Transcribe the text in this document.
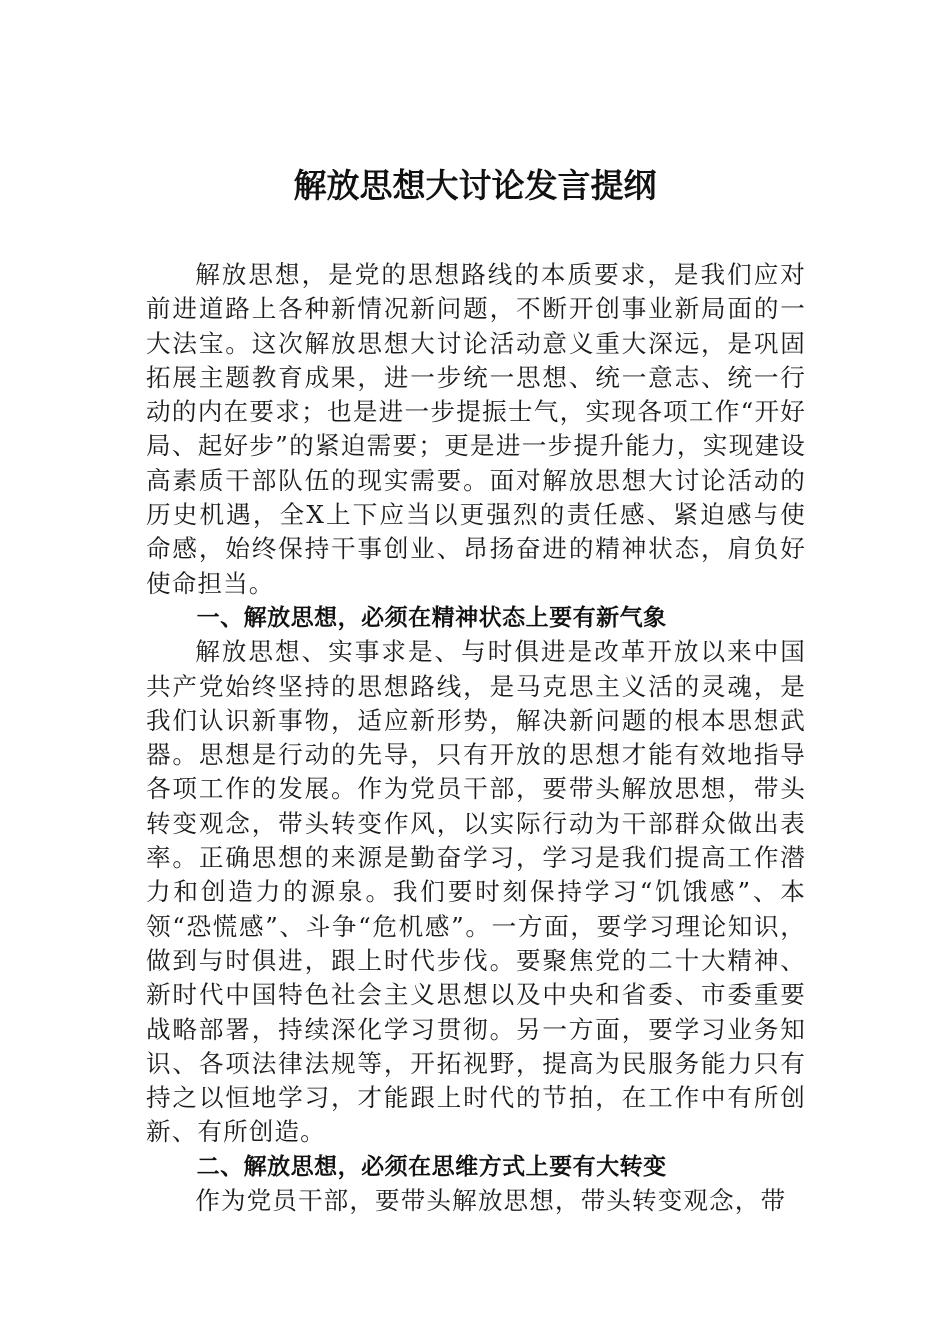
解放思想大讨论发言提纲

解放思想，是党的思想路线的本质要求，是我们应对前进道路上各种新情况新问题，不断开创事业新局面的一大法宝。这次解放思想大讨论活动意义重大深远，是巩固拓展主题教育成果，进一步统一思想、统一意志、统一行动的内在要求；也是进一步提振士气，实现各项工作“开好局、起好步”的紧迫需要；更是进一步提升能力，实现建设高素质干部队伍的现实需要。面对解放思想大讨论活动的历史机遇，全X上下应当以更强烈的责任感、紧迫感与使命感，始终保持干事创业、昂扬奋进的精神状态，肩负好使命担当。

一、解放思想，必须在精神状态上要有新气象

解放思想、实事求是、与时俱进是改革开放以来中国共产党始终坚持的思想路线，是马克思主义活的灵魂，是我们认识新事物，适应新形势，解决新问题的根本思想武器。思想是行动的先导，只有开放的思想才能有效地指导各项工作的发展。作为党员干部，要带头解放思想，带头转变观念，带头转变作风，以实际行动为干部群众做出表率。正确思想的来源是勤奋学习，学习是我们提高工作潜力和创造力的源泉。我们要时刻保持学习“饥饿感”、本领“恐慌感”、斗争“危机感”。一方面，要学习理论知识，做到与时俱进，跟上时代步伐。要聚焦党的二十大精神、新时代中国特色社会主义思想以及中央和省委、市委重要战略部署，持续深化学习贯彻。另一方面，要学习业务知识、各项法律法规等，开拓视野，提高为民服务能力只有持之以恒地学习，才能跟上时代的节拍，在工作中有所创新、有所创造。

二、解放思想，必须在思维方式上要有大转变

作为党员干部，要带头解放思想，带头转变观念，带
